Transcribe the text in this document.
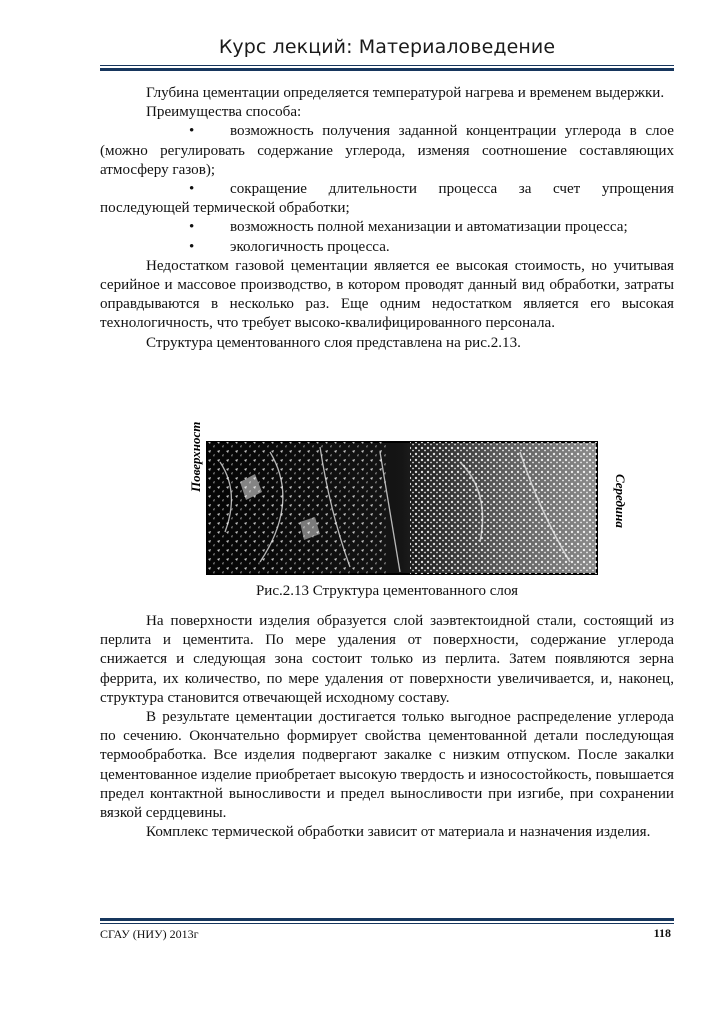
Курс лекций: Материаловедение

Глубина цементации определяется температурой нагрева и временем выдержки.

Преимущества способа:

•	возможность получения заданной концентрации углерода в слое (можно регулировать содержание углерода, изменяя соотношение составляющих атмосферу газов);

•	сокращение длительности процесса за счет упрощения последующей термической обработки;

•	возможность полной механизации и автоматизации процесса;

•	экологичность процесса.

Недостатком газовой цементации является ее высокая стоимость, но учитывая серийное и массовое производство, в котором проводят данный вид обработки, затраты оправдываются в несколько раз. Еще одним недостатком является его высокая технологичность, что требует высоко-квалифицированного персонала.

Структура цементованного слоя представлена на рис.2.13.

Поверхность
Середина
Рис.2.13 Структура цементованного слоя

На поверхности изделия образуется слой заэвтектоидной стали, состоящий из перлита и цементита. По мере удаления от поверхности, содержание углерода снижается и следующая зона состоит только из перлита. Затем появляются зерна феррита, их количество, по мере удаления от поверхности увеличивается, и, наконец, структура становится отвечающей исходному составу.

В результате цементации достигается только выгодное распределение углерода по сечению. Окончательно формирует свойства цементованной детали последующая термообработка. Все изделия подвергают закалке с низким отпуском. После закалки цементованное изделие приобретает высокую твердость и износостойкость, повышается предел контактной выносливости и предел выносливости при изгибе, при сохранении вязкой сердцевины.

Комплекс термической обработки зависит от материала и назначения изделия.

СГАУ (НИУ) 2013г	118
